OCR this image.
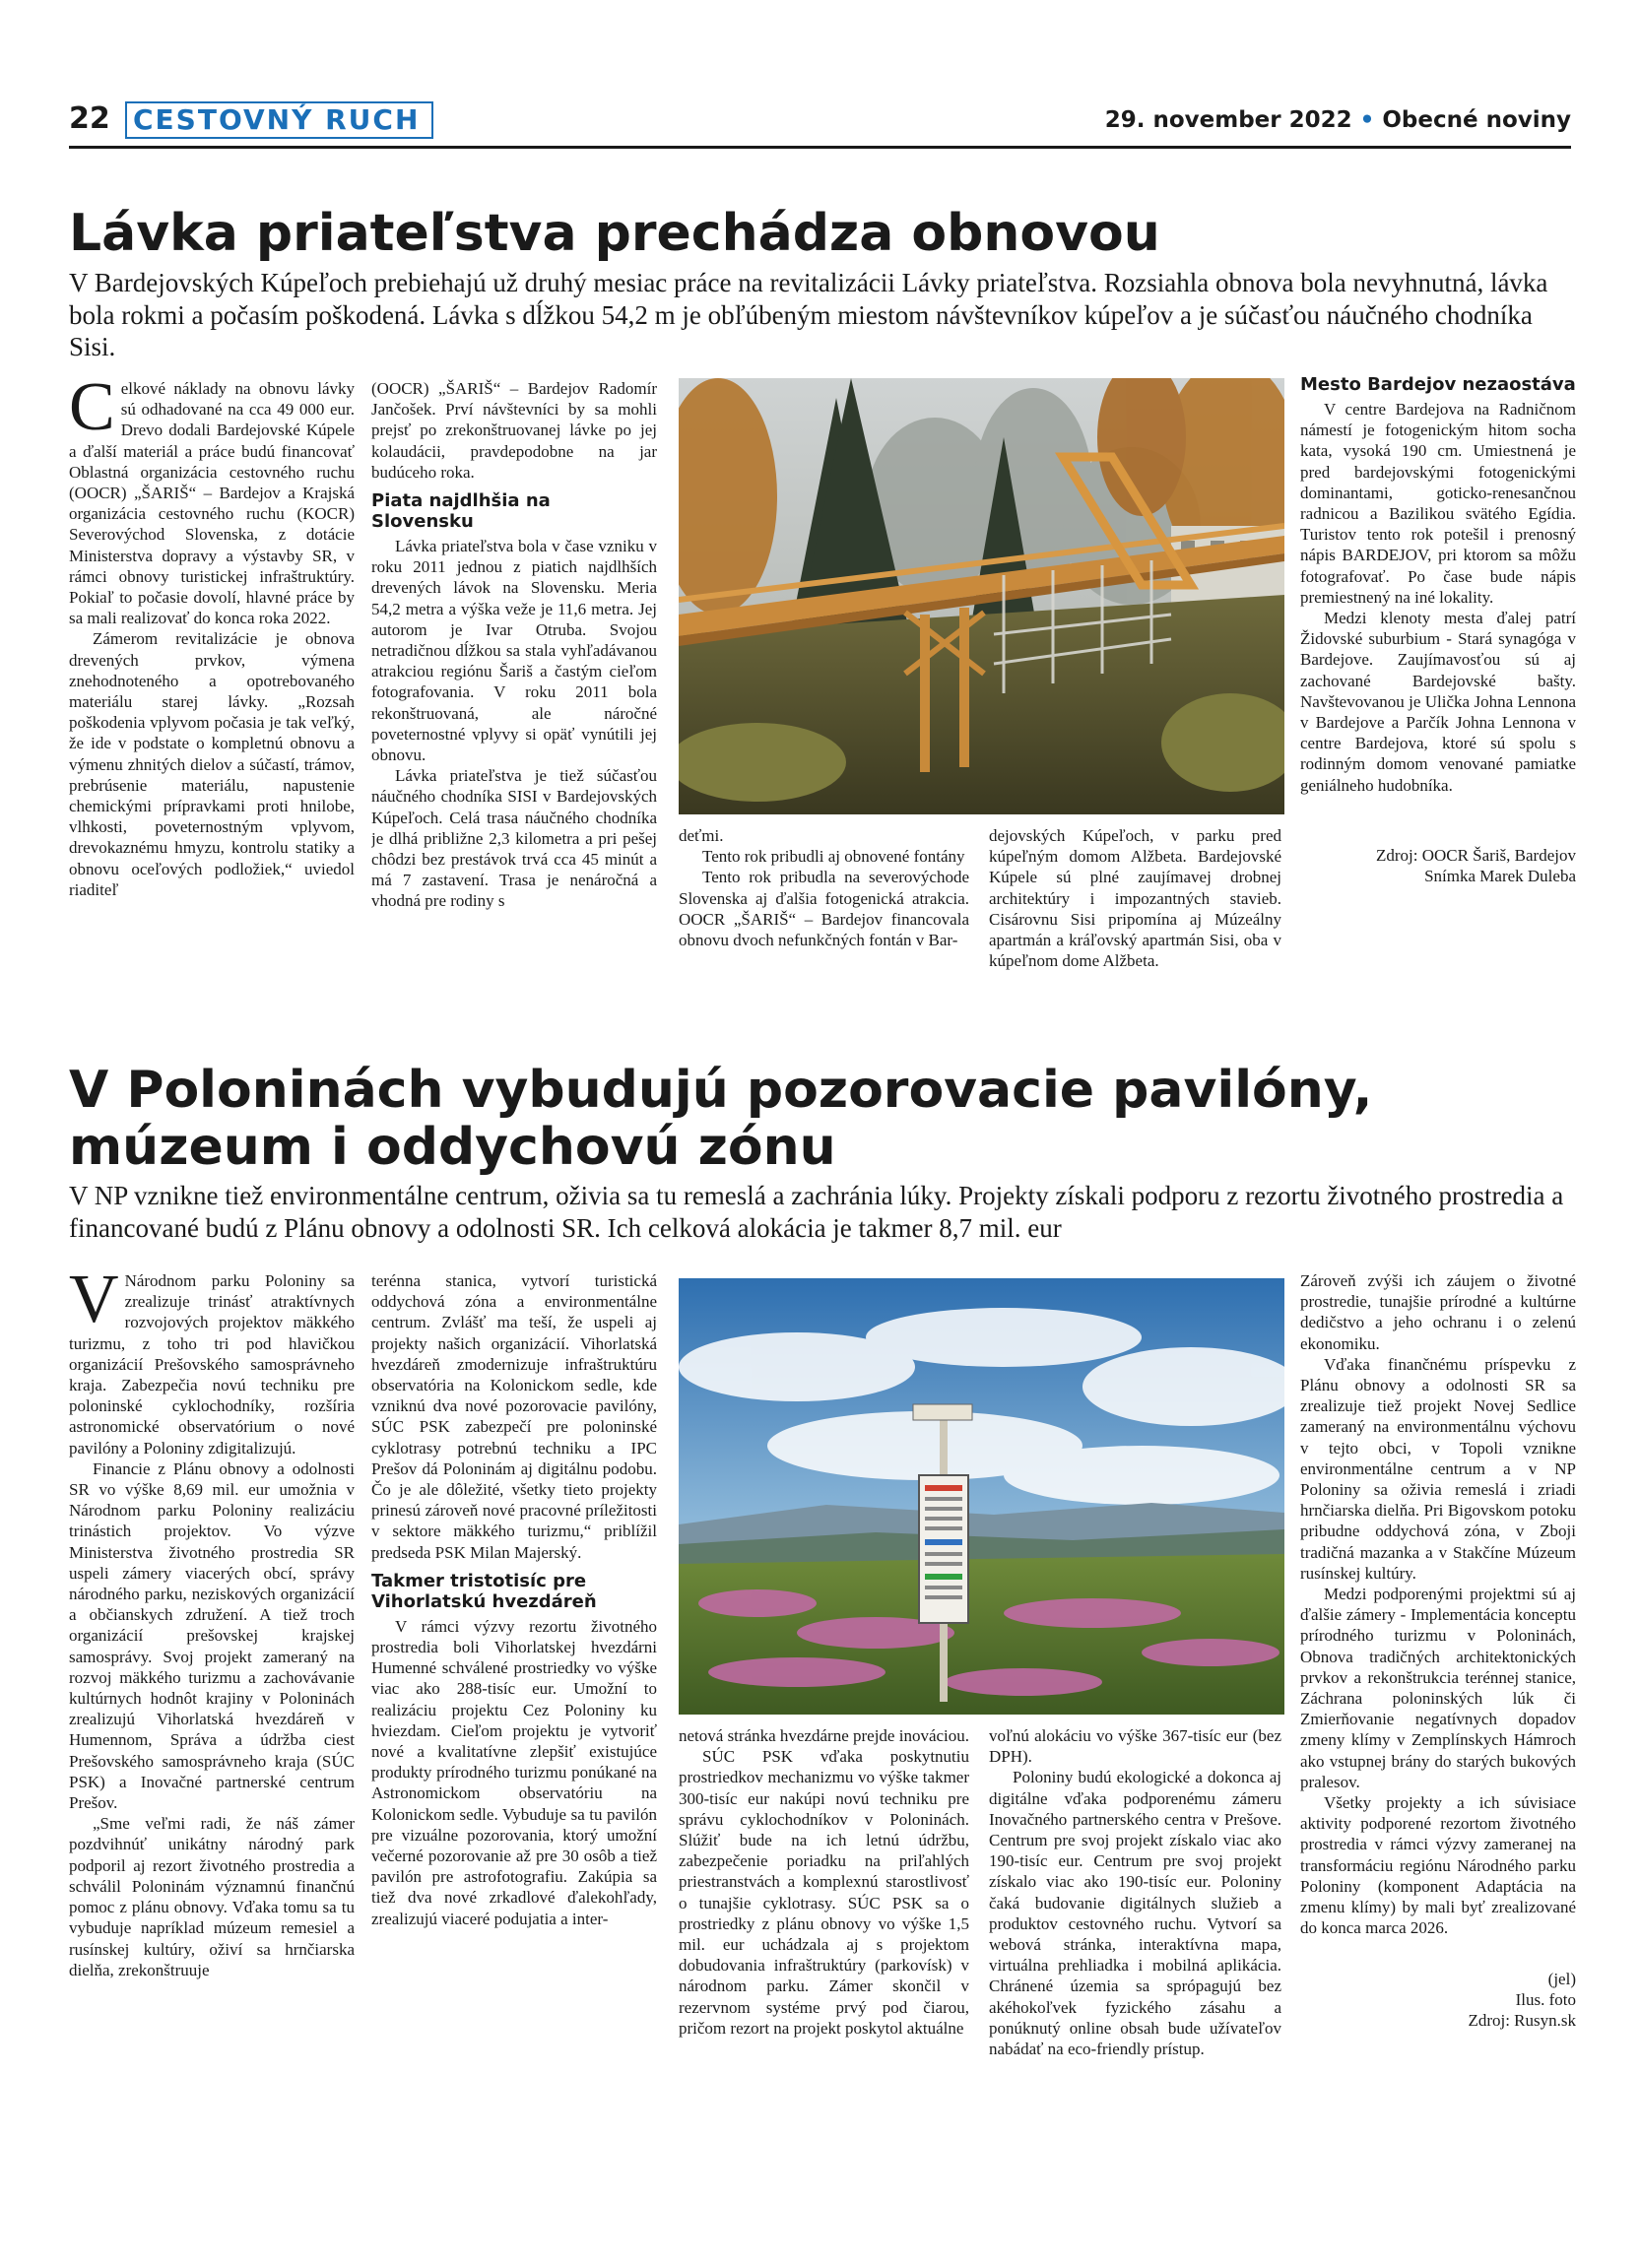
22 CESTOVNÝ RUCH	29. november 2022 • Obecné noviny
Lávka priateľstva prechádza obnovou

V Bardejovských Kúpeľoch prebiehajú už druhý mesiac práce na revitalizácii Lávky priateľstva. Rozsiahla obnova bola nevyhnutná, lávka bola rokmi a počasím poškodená. Lávka s dĺžkou 54,2 m je obľúbeným miestom návštevníkov kúpeľov a je súčasťou náučného chodníka Sisi.

Celkové náklady na obnovu lávky sú odhadované na cca 49 000 eur. Drevo dodali Bardejovské Kúpele a ďalší materiál a práce budú financovať Oblastná organizácia cestovného ruchu (OOCR) „ŠARIŠ“ – Bardejov a Krajská organizácia cestovného ruchu (KOCR) Severovýchod Slovenska, z dotácie Ministerstva dopravy a výstavby SR, v rámci obnovy turistickej infraštruktúry. Pokiaľ to počasie dovolí, hlavné práce by sa mali realizovať do konca roka 2022.

Zámerom revitalizácie je obnova drevených prvkov, výmena znehodnoteného a opotrebovaného materiálu starej lávky. „Rozsah poškodenia vplyvom počasia je tak veľký, že ide v podstate o kompletnú obnovu a výmenu zhnitých dielov a súčastí, trámov, prebrúsenie materiálu, napustenie chemickými prípravkami proti hnilobe, vlhkosti, poveternostným vplyvom, drevokaznému hmyzu, kontrolu statiky a obnovu oceľových podložiek,“ uviedol riaditeľ

(OOCR) „ŠARIŠ“ – Bardejov Radomír Jančošek. Prví návštevníci by sa mohli prejsť po zrekonštruovanej lávke po jej kolaudácii, pravdepodobne na jar budúceho roka.

Piata najdlhšia na Slovensku

Lávka priateľstva bola v čase vzniku v roku 2011 jednou z piatich najdlhších drevených lávok na Slovensku. Meria 54,2 metra a výška veže je 11,6 metra. Jej autorom je Ivar Otruba. Svojou netradičnou dĺžkou sa stala vyhľadávanou atrakciou regiónu Šariš a častým cieľom fotografovania. V roku 2011 bola rekonštruovaná, ale náročné poveternostné vplyvy si opäť vynútili jej obnovu.

Lávka priateľstva je tiež súčasťou náučného chodníka SISI v Bardejovských Kúpeľoch. Celá trasa náučného chodníka je dlhá približne 2,3 kilometra a pri pešej chôdzi bez prestávok trvá cca 45 minút a má 7 zastavení. Trasa je nenáročná a vhodná pre rodiny s

deťmi.

Tento rok pribudli aj obnovené fontány

Tento rok pribudla na severovýchode Slovenska aj ďalšia fotogenická atrakcia. OOCR „ŠARIŠ“ – Bardejov financovala obnovu dvoch nefunkčných fontán v Bar-

dejovských Kúpeľoch, v parku pred kúpeľným domom Alžbeta. Bardejovské Kúpele sú plné zaujímavej drobnej architektúry i impozantných stavieb. Cisárovnu Sisi pripomína aj Múzeálny apartmán a kráľovský apartmán Sisi, oba v kúpeľnom dome Alžbeta.

Mesto Bardejov nezaostáva

V centre Bardejova na Radničnom námestí je fotogenickým hitom socha kata, vysoká 190 cm. Umiestnená je pred bardejovskými fotogenickými dominantami, goticko-renesančnou radnicou a Bazilikou svätého Egídia. Turistov tento rok potešil i prenosný nápis BARDEJOV, pri ktorom sa môžu fotografovať. Po čase bude nápis premiestnený na iné lokality.

Medzi klenoty mesta ďalej patrí Židovské suburbium - Stará synagóga v Bardejove. Zaujímavosťou sú aj zachované Bardejovské bašty. Navštevovanou je Ulička Johna Lennona v Bardejove a Parčík Johna Lennona v centre Bardejova, ktoré sú spolu s rodinným domom venované pamiatke geniálneho hudobníka.

Zdroj: OOCR Šariš, Bardejov
Snímka Marek Duleba
V Poloninách vybudujú pozorovacie pavilóny, múzeum i oddychovú zónu

V NP vznikne tiež environmentálne centrum, oživia sa tu remeslá a zachránia lúky. Projekty získali podporu z rezortu životného prostredia a financované budú z Plánu obnovy a odolnosti SR. Ich celková alokácia je takmer 8,7 mil. eur

V Národnom parku Poloniny sa zrealizuje trinásť atraktívnych rozvojových projektov mäkkého turizmu, z toho tri pod hlavičkou organizácií Prešovského samosprávneho kraja. Zabezpečia novú techniku pre poloninské cyklochodníky, rozšíria astronomické observatórium o nové pavilóny a Poloniny zdigitalizujú.

Financie z Plánu obnovy a odolnosti SR vo výške 8,69 mil. eur umožnia v Národnom parku Poloniny realizáciu trinástich projektov. Vo výzve Ministerstva životného prostredia SR uspeli zámery viacerých obcí, správy národného parku, neziskových organizácií a občianskych združení. A tiež troch organizácií prešovskej krajskej samosprávy. Svoj projekt zameraný na rozvoj mäkkého turizmu a zachovávanie kultúrnych hodnôt krajiny v Poloninách zrealizujú Vihorlatská hvezdáreň v Humennom, Správa a údržba ciest Prešovského samosprávneho kraja (SÚC PSK) a Inovačné partnerské centrum Prešov.

„Sme veľmi radi, že náš zámer pozdvihnúť unikátny národný park podporil aj rezort životného prostredia a schválil Poloninám významnú finančnú pomoc z plánu obnovy. Vďaka tomu sa tu vybuduje napríklad múzeum remesiel a rusínskej kultúry, oživí sa hrnčiarska dielňa, zrekonštruuje

terénna stanica, vytvorí turistická oddychová zóna a environmentálne centrum. Zvlášť ma teší, že uspeli aj projekty našich organizácií. Vihorlatská hvezdáreň zmodernizuje infraštruktúru observatória na Kolonickom sedle, kde vzniknú dva nové pozorovacie pavilóny, SÚC PSK zabezpečí pre poloninské cyklotrasy potrebnú techniku a IPC Prešov dá Poloninám aj digitálnu podobu. Čo je ale dôležité, všetky tieto projekty prinesú zároveň nové pracovné príležitosti v sektore mäkkého turizmu,“ priblížil predseda PSK Milan Majerský.

Takmer tristotisíc pre Vihorlatskú hvezdáreň

V rámci výzvy rezortu životného prostredia boli Vihorlatskej hvezdárni Humenné schválené prostriedky vo výške viac ako 288-tisíc eur. Umožní to realizáciu projektu Cez Poloniny ku hviezdam. Cieľom projektu je vytvoriť nové a kvalitatívne zlepšiť existujúce produkty prírodného turizmu ponúkané na Astronomickom observatóriu na Kolonickom sedle. Vybuduje sa tu pavilón pre vizuálne pozorovania, ktorý umožní večerné pozorovanie až pre 30 osôb a tiež pavilón pre astrofotografiu. Zakúpia sa tiež dva nové zrkadlové ďalekohľady, zrealizujú viaceré podujatia a inter-

netová stránka hvezdárne prejde inováciou.

SÚC PSK vďaka poskytnutiu prostriedkov mechanizmu vo výške takmer 300-tisíc eur nakúpi novú techniku pre správu cyklochodníkov v Poloninách. Slúžiť bude na ich letnú údržbu, zabezpečenie poriadku na priľahlých priestranstvách a komplexnú starostlivosť o tunajšie cyklotrasy. SÚC PSK sa o prostriedky z plánu obnovy vo výške 1,5 mil. eur uchádzala aj s projektom dobudovania infraštruktúry (parkovísk) v národnom parku. Zámer skončil v rezervnom systéme prvý pod čiarou, pričom rezort na projekt poskytol aktuálne

voľnú alokáciu vo výške 367-tisíc eur (bez DPH).

Poloniny budú ekologické a dokonca aj digitálne vďaka podporenému zámeru Inovačného partnerského centra v Prešove. Centrum pre svoj projekt získalo viac ako 190-tisíc eur. Centrum pre svoj projekt získalo viac ako 190-tisíc eur. Poloniny čaká budovanie digitálnych služieb a produktov cestovného ruchu. Vytvorí sa webová stránka, interaktívna mapa, virtuálna prehliadka i mobilná aplikácia. Chránené územia sa sprópagujú bez akéhokoľvek fyzického zásahu a ponúknutý online obsah bude užívateľov nabádať na eco-friendly prístup.

Zároveň zvýši ich záujem o životné prostredie, tunajšie prírodné a kultúrne dedičstvo a jeho ochranu i o zelenú ekonomiku.

Vďaka finančnému príspevku z Plánu obnovy a odolnosti SR sa zrealizuje tiež projekt Novej Sedlice zameraný na environmentálnu výchovu v tejto obci, v Topoli vznikne environmentálne centrum a v NP Poloniny sa oživia remeslá i zriadi hrnčiarska dielňa. Pri Bigovskom potoku pribudne oddychová zóna, v Zboji tradičná mazanka a v Stakčíne Múzeum rusínskej kultúry.

Medzi podporenými projektmi sú aj ďalšie zámery - Implementácia konceptu prírodného turizmu v Poloninách, Obnova tradičných architektonických prvkov a rekonštrukcia terénnej stanice, Záchrana poloninských lúk či Zmierňovanie negatívnych dopadov zmeny klímy v Zemplínskych Hámroch ako vstupnej brány do starých bukových pralesov.

Všetky projekty a ich súvisiace aktivity podporené rezortom životného prostredia v rámci výzvy zameranej na transformáciu regiónu Národného parku Poloniny (komponent Adaptácia na zmenu klímy) by mali byť zrealizované do konca marca 2026.

(jel)
Ilus. foto
Zdroj: Rusyn.sk
